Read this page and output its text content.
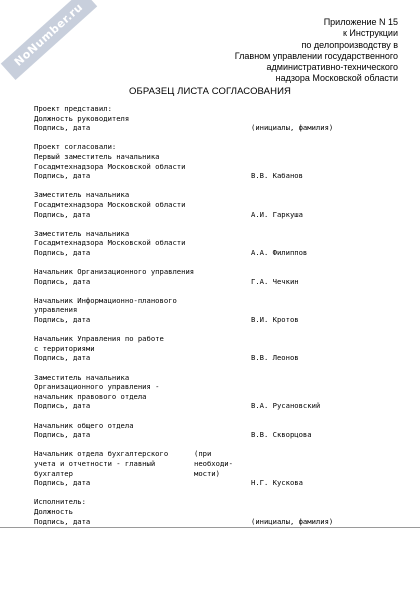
NoNumber.ru	Приложение N 15
к Инструкции
по делопроизводству в
Главном управлении государственного
административно-технического
надзора Московской области
ОБРАЗЕЦ ЛИСТА СОГЛАСОВАНИЯ
Проект представил:
Должность руководителя
Подпись, дата	(инициалы, фамилия)
Проект согласовали:
Первый заместитель начальника
Госадмтехнадзора Московской области
Подпись, дата	В.В. Кабанов
Заместитель начальника
Госадмтехнадзора Московской области
Подпись, дата	А.И. Гаркуша
Заместитель начальника
Госадмтехнадзора Московской области
Подпись, дата	А.А. Филиппов
Начальник Организационного управления
Подпись, дата	Г.А. Чечкин
Начальник Информационно-планового
управления
Подпись, дата	В.И. Кротов
Начальник Управления по работе
с территориями
Подпись, дата	В.В. Леонов
Заместитель начальника
Организационного управления -
начальник правового отдела
Подпись, дата	В.А. Русановский
Начальник общего отдела
Подпись, дата	В.В. Скворцова
Начальник отдела бухгалтерского	(при
учета и отчетности - главный	необходи-
бухгалтер	мости)
Подпись, дата	Н.Г. Кускова
Исполнитель:
Должность
Подпись, дата	(инициалы, фамилия)
